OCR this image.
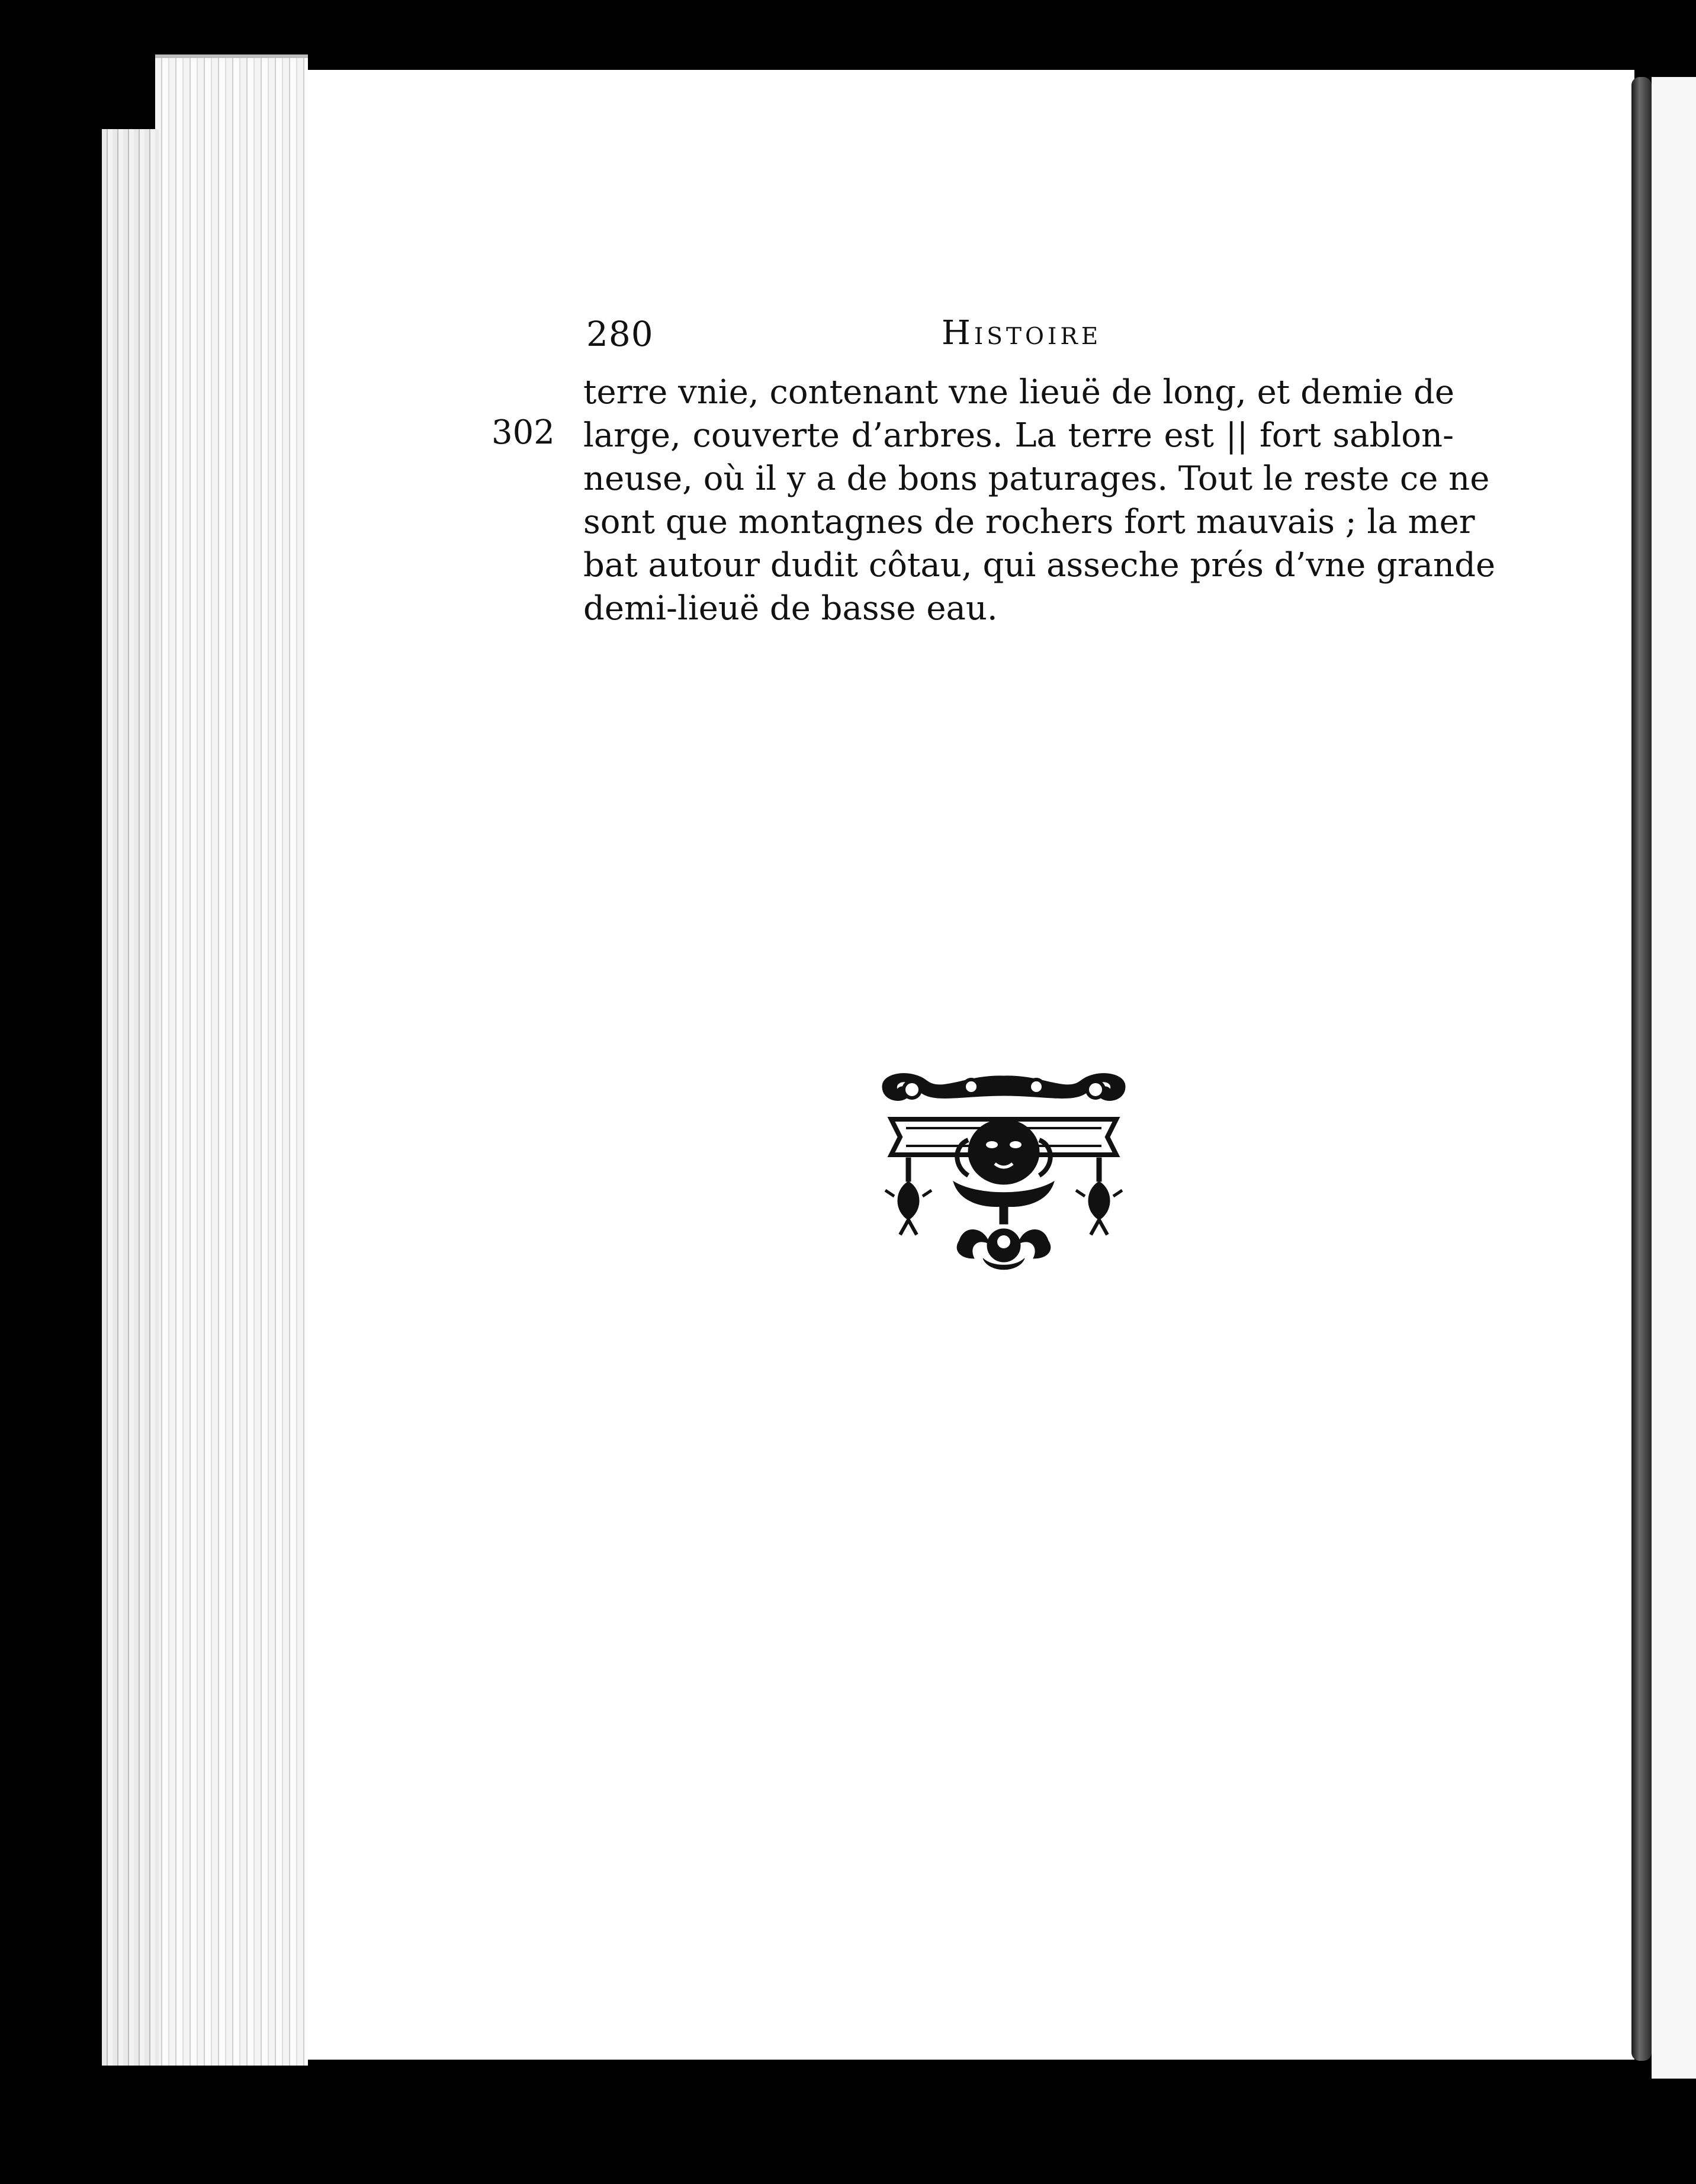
280	Histoire
302
terre vnie, contenant vne lieuë de long, et demie de
large, couverte d’arbres. La terre est || fort sablon-
neuse, où il y a de bons paturages. Tout le reste ce ne
sont que montagnes de rochers fort mauvais ; la mer
bat autour dudit côtau, qui asseche prés d’vne grande
demi-lieuë de basse eau.
